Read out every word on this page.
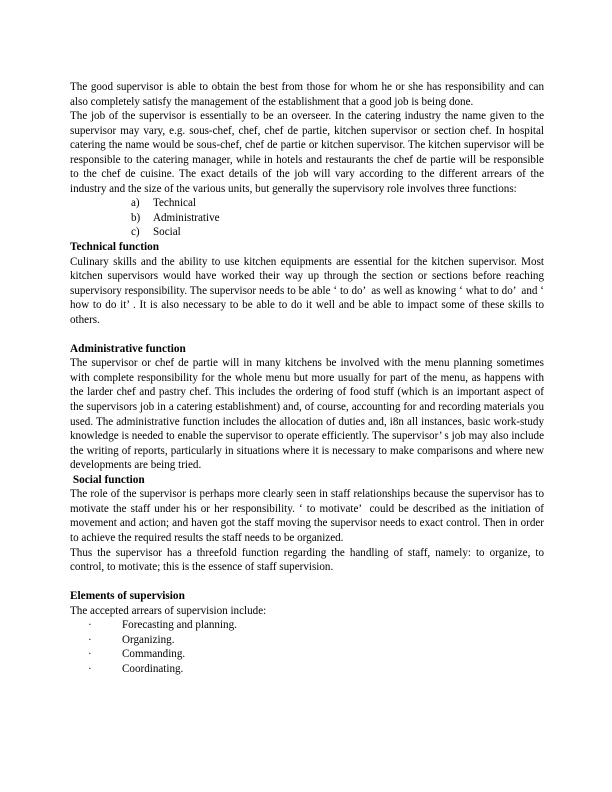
The good supervisor is able to obtain the best from those for whom he or she has responsibility and can also completely satisfy the management of the establishment that a good job is being done.

The job of the supervisor is essentially to be an overseer. In the catering industry the name given to the supervisor may vary, e.g. sous-chef, chef, chef de partie, kitchen supervisor or section chef. In hospital catering the name would be sous-chef, chef de partie or kitchen supervisor. The kitchen supervisor will be responsible to the catering manager, while in hotels and restaurants the chef de partie will be responsible to the chef de cuisine. The exact details of the job will vary according to the different arrears of the industry and the size of the various units, but generally the supervisory role involves three functions:

a) Technical
b) Administrative
c) Social
Technical function

Culinary skills and the ability to use kitchen equipments are essential for the kitchen supervisor. Most kitchen supervisors would have worked their way up through the section or sections before reaching supervisory responsibility. The supervisor needs to be able ‘ to do’  as well as knowing ‘ what to do’  and ‘ how to do it’ . It is also necessary to be able to do it well and be able to impact some of these skills to others.

Administrative function

The supervisor or chef de partie will in many kitchens be involved with the menu planning sometimes with complete responsibility for the whole menu but more usually for part of the menu, as happens with the larder chef and pastry chef. This includes the ordering of food stuff (which is an important aspect of the supervisors job in a catering establishment) and, of course, accounting for and recording materials you used. The administrative function includes the allocation of duties and, i8n all instances, basic work-study knowledge is needed to enable the supervisor to operate efficiently. The supervisor’ s job may also include the writing of reports, particularly in situations where it is necessary to make comparisons and where new developments are being tried.

Social function

The role of the supervisor is perhaps more clearly seen in staff relationships because the supervisor has to motivate the staff under his or her responsibility. ‘ to motivate’  could be described as the initiation of movement and action; and haven got the staff moving the supervisor needs to exact control. Then in order to achieve the required results the staff needs to be organized.

Thus the supervisor has a threefold function regarding the handling of staff, namely: to organize, to control, to motivate; this is the essence of staff supervision.

Elements of supervision

The accepted arrears of supervision include:

·	Forecasting and planning.
·	Organizing.
·	Commanding.
·	Coordinating.
